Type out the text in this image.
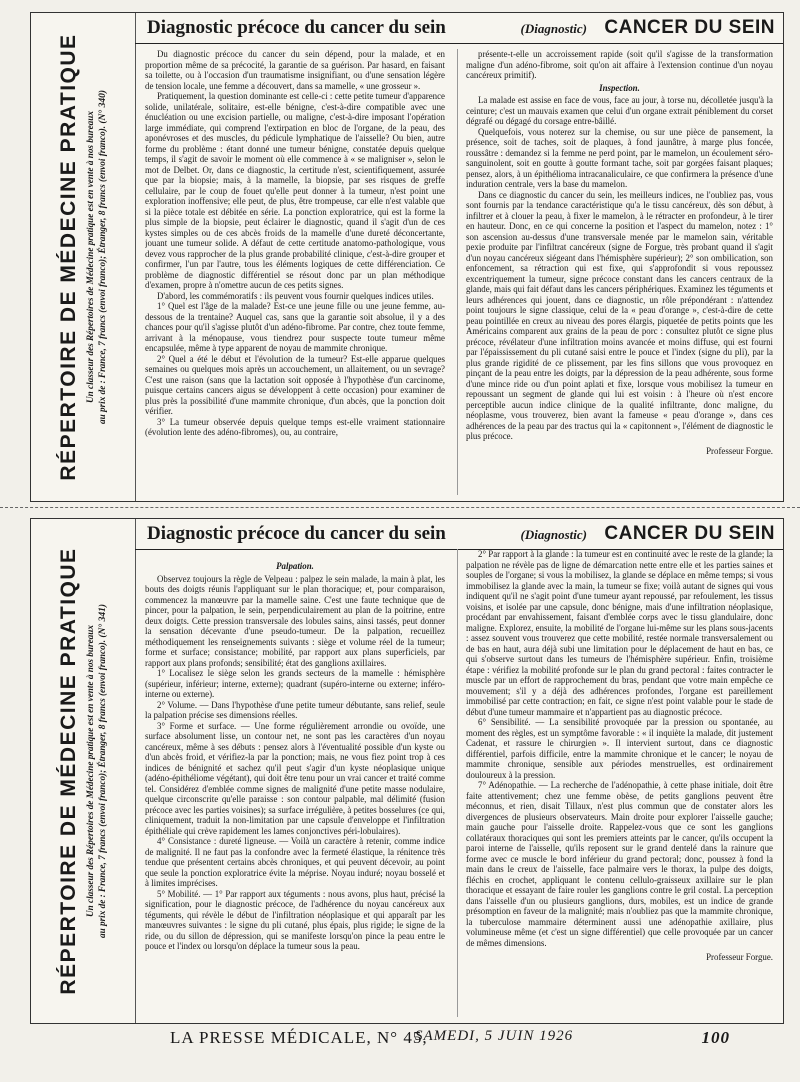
RÉPERTOIRE DE MÉDECINE PRATIQUE Un classeur des Répertoires de Médecine pratique est en vente à nos bureaux au prix de : France, 7 francs (envoi franco); Étranger, 8 francs (envoi franco). (N° 340)
Diagnostic précoce du cancer du sein	(Diagnostic) CANCER DU SEIN

Du diagnostic précoce du cancer du sein dépend, pour la malade, et en proportion même de sa précocité, la garantie de sa guérison. Par hasard, en faisant sa toilette, ou à l'occasion d'un traumatisme insignifiant, ou d'une sensation légère de tension locale, une femme a découvert, dans sa mamelle, « une grosseur ».

Pratiquement, la question dominante est celle-ci : cette petite tumeur d'apparence solide, unilatérale, solitaire, est-elle bénigne, c'est-à-dire compatible avec une énucléation ou une excision partielle, ou maligne, c'est-à-dire imposant l'opération large immédiate, qui comprend l'extirpation en bloc de l'organe, de la peau, des aponévroses et des muscles, du pédicule lymphatique de l'aisselle? Ou bien, autre forme du problème : étant donné une tumeur bénigne, constatée depuis quelque temps, il s'agit de savoir le moment où elle commence à « se maligniser », selon le mot de Delbet. Or, dans ce diagnostic, la certitude n'est, scientifiquement, assurée que par la biopsie; mais, à la mamelle, la biopsie, par ses risques de greffe cellulaire, par le coup de fouet qu'elle peut donner à la tumeur, n'est point une exploration inoffensive; elle peut, de plus, être trompeuse, car elle n'est valable que si la pièce totale est débitée en série. La ponction exploratrice, qui est la forme la plus simple de la biopsie, peut éclairer le diagnostic, quand il s'agit d'un de ces kystes simples ou de ces abcès froids de la mamelle d'une dureté déconcertante, jouant une tumeur solide. A défaut de cette certitude anatomo-pathologique, vous devez vous rapprocher de la plus grande probabilité clinique, c'est-à-dire grouper et confirmer, l'un par l'autre, tous les éléments logiques de cette différenciation. Ce problème de diagnostic différentiel se résout donc par un plan méthodique d'examen, propre à n'omettre aucun de ces petits signes.

D'abord, les commémoratifs : ils peuvent vous fournir quelques indices utiles.

1° Quel est l'âge de la malade? Est-ce une jeune fille ou une jeune femme, au-dessous de la trentaine? Auquel cas, sans que la garantie soit absolue, il y a des chances pour qu'il s'agisse plutôt d'un adéno-fibrome. Par contre, chez toute femme, arrivant à la ménopause, vous tiendrez pour suspecte toute tumeur même encapsulée, même à type apparent de noyau de mammite chronique.

2° Quel a été le début et l'évolution de la tumeur? Est-elle apparue quelques semaines ou quelques mois après un accouchement, un allaitement, ou un sevrage? C'est une raison (sans que la lactation soit opposée à l'hypothèse d'un carcinome, puisque certains cancers aigus se développent à cette occasion) pour examiner de plus près la possibilité d'une mammite chronique, d'un abcès, que la ponction doit vérifier.

3° La tumeur observée depuis quelque temps est-elle vraiment stationnaire (évolution lente des adéno-fibromes), ou, au contraire,

présente-t-elle un accroissement rapide (soit qu'il s'agisse de la transformation maligne d'un adéno-fibrome, soit qu'on ait affaire à l'extension continue d'un noyau cancéreux primitif).

Inspection.

La malade est assise en face de vous, face au jour, à torse nu, décolletée jusqu'à la ceinture; c'est un mauvais examen que celui d'un organe extrait péniblement du corset dégrafé ou dégagé du corsage entre-bâillé.

Quelquefois, vous noterez sur la chemise, ou sur une pièce de pansement, la présence, soit de taches, soit de plaques, à fond jaunâtre, à marge plus foncée, roussâtre : demandez si la femme ne perd point, par le mamelon, un écoulement séro-sanguinolent, soit en goutte à goutte formant tache, soit par gorgées faisant plaques; pensez, alors, à un épithélioma intracanaliculaire, ce que confirmera la présence d'une induration centrale, vers la base du mamelon.

Dans ce diagnostic du cancer du sein, les meilleurs indices, ne l'oubliez pas, vous sont fournis par la tendance caractéristique qu'a le tissu cancéreux, dès son début, à infiltrer et à clouer la peau, à fixer le mamelon, à le rétracter en profondeur, à le tirer en hauteur. Donc, en ce qui concerne la position et l'aspect du mamelon, notez : 1° son ascension au-dessus d'une transversale menée par le mamelon sain, véritable pexie produite par l'infiltrat cancéreux (signe de Forgue, très probant quand il s'agit d'un noyau cancéreux siégeant dans l'hémisphère supérieur); 2° son ombilication, son enfoncement, sa rétraction qui est fixe, qui s'approfondit si vous repoussez excentriquement la tumeur, signe précoce constant dans les cancers centraux de la glande, mais qui fait défaut dans les cancers périphériques. Examinez les téguments et leurs adhérences qui jouent, dans ce diagnostic, un rôle prépondérant : n'attendez point toujours le signe classique, celui de la « peau d'orange », c'est-à-dire de cette peau pointillée en creux au niveau des pores élargis, piquetée de petits points que les Américains comparent aux grains de la peau de porc : consultez plutôt ce signe plus précoce, révélateur d'une infiltration moins avancée et moins diffuse, qui est fourni par l'épaississement du pli cutané saisi entre le pouce et l'index (signe du pli), par la plus grande rigidité de ce plissement, par les fins sillons que vous provoquez en pinçant de la peau entre les doigts, par la dépression de la peau adhérente, sous forme d'une mince ride ou d'un point aplati et fixe, lorsque vous mobilisez la tumeur en repoussant un segment de glande qui lui est voisin : à l'heure où n'est encore perceptible aucun indice clinique de la qualité infiltrante, donc maligne, du néoplasme, vous trouverez, bien avant la fameuse « peau d'orange », dans ces adhérences de la peau par des tractus qui la « capitonnent », l'élément de diagnostic le plus précoce.

Professeur Forgue.

RÉPERTOIRE DE MÉDECINE PRATIQUE Un classeur des Répertoires de Médecine pratique est en vente à nos bureaux au prix de : France, 7 francs (envoi franco); Étranger, 8 francs (envoi franco). (N° 341)
Diagnostic précoce du cancer du sein	(Diagnostic) CANCER DU SEIN

Palpation.

Observez toujours la règle de Velpeau : palpez le sein malade, la main à plat, les bouts des doigts réunis l'appliquant sur le plan thoracique; et, pour comparaison, commencez la manœuvre par la mamelle saine. C'est une faute technique que de pincer, pour la palpation, le sein, perpendiculairement au plan de la poitrine, entre deux doigts. Cette pression transversale des lobules sains, ainsi tassés, peut donner la sensation décevante d'une pseudo-tumeur. De la palpation, recueillez méthodiquement les renseignements suivants : siège et volume réel de la tumeur; forme et surface; consistance; mobilité, par rapport aux plans superficiels, par rapport aux plans profonds; sensibilité; état des ganglions axillaires.

1° Localisez le siège selon les grands secteurs de la mamelle : hémisphère (supérieur, inférieur; interne, externe); quadrant (supéro-interne ou externe; inféro-interne ou externe).

2° Volume. — Dans l'hypothèse d'une petite tumeur débutante, sans relief, seule la palpation précise ses dimensions réelles.

3° Forme et surface. — Une forme régulièrement arrondie ou ovoïde, une surface absolument lisse, un contour net, ne sont pas les caractères d'un noyau cancéreux, même à ses débuts : pensez alors à l'éventualité possible d'un kyste ou d'un abcès froid, et vérifiez-la par la ponction; mais, ne vous fiez point trop à ces indices de bénignité et sachez qu'il peut s'agir d'un kyste néoplasique unique (adéno-épithéliome végétant), qui doit être tenu pour un vrai cancer et traité comme tel. Considérez d'emblée comme signes de malignité d'une petite masse nodulaire, quelque circonscrite qu'elle paraisse : son contour palpable, mal délimité (fusion précoce avec les parties voisines); sa surface irrégulière, à petites bosselures (ce qui, cliniquement, traduit la non-limitation par une capsule d'enveloppe et l'infiltration épithéliale qui crève rapidement les lames conjonctives péri-lobulaires).

4° Consistance : dureté ligneuse. — Voilà un caractère à retenir, comme indice de malignité. Il ne faut pas la confondre avec la fermeté élastique, la rénitence très tendue que présentent certains abcès chroniques, et qui peuvent décevoir, au point que seule la ponction exploratrice évite la méprise. Noyau induré; noyau bosselé et à limites imprécises.

5° Mobilité. — 1° Par rapport aux téguments : nous avons, plus haut, précisé la signification, pour le diagnostic précoce, de l'adhérence du noyau cancéreux aux téguments, qui révèle le début de l'infiltration néoplasique et qui apparaît par les manœuvres suivantes : le signe du pli cutané, plus épais, plus rigide; le signe de la ride, ou du sillon de dépression, qui se manifeste lorsqu'on pince la peau entre le pouce et l'index ou lorsqu'on déplace la tumeur sous la peau.

2° Par rapport à la glande : la tumeur est en continuité avec le reste de la glande; la palpation ne révèle pas de ligne de démarcation nette entre elle et les parties saines et souples de l'organe; si vous la mobilisez, la glande se déplace en même temps; si vous immobilisez la glande avec la main, la tumeur se fixe; voilà autant de signes qui vous indiquent qu'il ne s'agit point d'une tumeur ayant repoussé, par refoulement, les tissus voisins, et isolée par une capsule, donc bénigne, mais d'une infiltration néoplasique, procédant par envahissement, faisant d'emblée corps avec le tissu glandulaire, donc maligne. Explorez, ensuite, la mobilité de l'organe lui-même sur les plans sous-jacents : assez souvent vous trouverez que cette mobilité, restée normale transversalement ou de bas en haut, aura déjà subi une limitation pour le déplacement de haut en bas, ce qui s'observe surtout dans les tumeurs de l'hémisphère supérieur. Enfin, troisième étape : vérifiez la mobilité profonde sur le plan du grand pectoral : faites contracter le muscle par un effort de rapprochement du bras, pendant que votre main empêche ce mouvement; s'il y a déjà des adhérences profondes, l'organe est pareillement immobilisé par cette contraction; en fait, ce signe n'est point valable pour le stade de début d'une tumeur mammaire et n'appartient pas au diagnostic précoce.

6° Sensibilité. — La sensibilité provoquée par la pression ou spontanée, au moment des règles, est un symptôme favorable : « il inquiète la malade, dit justement Cadenat, et rassure le chirurgien ». Il intervient surtout, dans ce diagnostic différentiel, parfois difficile, entre la mammite chronique et le cancer; le noyau de mammite chronique, sensible aux périodes menstruelles, est ordinairement douloureux à la pression.

7° Adénopathie. — La recherche de l'adénopathie, à cette phase initiale, doit être faite attentivement; chez une femme obèse, de petits ganglions peuvent être méconnus, et rien, disait Tillaux, n'est plus commun que de constater alors les divergences de plusieurs observateurs. Main droite pour explorer l'aisselle gauche; main gauche pour l'aisselle droite. Rappelez-vous que ce sont les ganglions collatéraux thoraciques qui sont les premiers atteints par le cancer, qu'ils occupent la paroi interne de l'aisselle, qu'ils reposent sur le grand dentelé dans la rainure que forme avec ce muscle le bord inférieur du grand pectoral; donc, poussez à fond la main dans le creux de l'aisselle, face palmaire vers le thorax, la pulpe des doigts, fléchis en crochet, appliquant le contenu cellulo-graisseux axillaire sur le plan thoracique et essayant de faire rouler les ganglions contre le gril costal. La perception dans l'aisselle d'un ou plusieurs ganglions, durs, mobiles, est un indice de grande présomption en faveur de la malignité; mais n'oubliez pas que la mammite chronique, la tuberculose mammaire déterminent aussi une adénopathie axillaire, plus volumineuse même (et c'est un signe différentiel) que celle provoquée par un cancer de mêmes dimensions.

Professeur Forgue.

LA PRESSE MÉDICALE, N° 45,
SAMEDI, 5 JUIN 1926	100
